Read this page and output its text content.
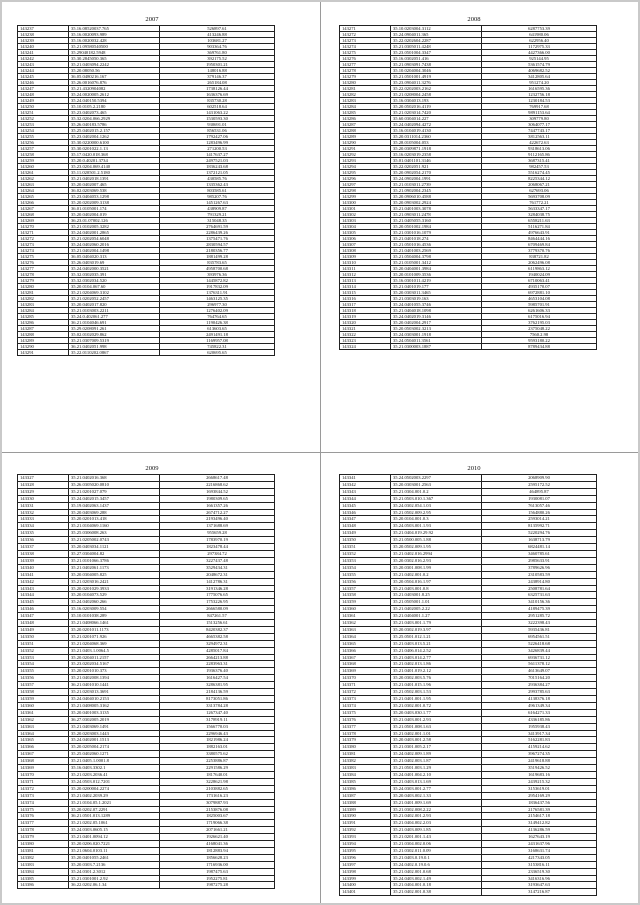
2007
143237	35.16.08520037.765	526897.61
143238	35.16.0020093.989	413246.88
143239	35.16.0020032.428	103681.27
143240	35.21.09580540500	903364.76
143241	35.29040182.5948	369761.80
143242	35.30.2845050.365	392175.52
143243	35.21.0403094.2242	1950301.21
143244	35.20.08050.56	148016.88
143245	36.05.0480216.167	379146.37
143246	35.26.0016076.876	265184.08
143247	35.21.4320904082	1738126.44
143248	35.24.0020005.2612	1636376.69
143249	35.24.040150.5394	835730.28
143250	35.10.0105.2.2180	602518.64
143251	35.23.0402073.465	1431063.22
143252	35.32.0204.066.2929	1530593.30
143253	35.26.040183.5786	930691.01
143254	35.25.0402015.2.157	856531.06
143255	35.23.0402004.1262	1792427.06
143256	35.30.0220000.6100	1283496.99
143257	35.30.0201022.1.13	271200.53
143258	35.17.0420.018.368	1417637.27
143259	35.20.0.40201.3734	2497521.03
143260	35.23.0204.069.4140	1836243.68
143261	35.11.020501.2.5180	1372121.05
143262	35.21.0402018.1391	430585.76
143263	35.20.0402007.465	1335362.43
143264	36.02.0203069.538	803585.61
143265	35.23.0404053.1298	985207.76
143266	35.20.0202009.3138	1451267.63
143267	36.01.0105001.174	438909.87
143268	35.20.0402004.019	791329.21
143269	36.23.01.07002.126	315048.35
143270	35.21.0102005.3282	2764691.59
143271	35.24.0402001.2865	2286439.26
143272	35.21.0202054.6048	1375471.76
143273	35.24.0402060.2016	2830594.57
143274	35.21.0402004.1498	2180356.77
143275	36.05.0404020.313	1881499.28
143276	35.26.0403019.69	835783.65
143277	35.24.0402000.3521	4958700.68
143278	35.32.0302035.391	393976.36
143279	35.32.0302034.520	1445872.82
143280	35.20.0104.067.60	1917832.09
143281	35.21.0204069.3102	1376311.91
143282	35.21.0202052.2457	1463125.35
143283	35.20.0402017.820	296977.30
143284	35.21.0103003.2211	1276402.09
143285	35.24.0.402061.277	764764.65
143286	36.21.0104046.691	1190426.38
143287	35.29.0208091.261	613603.65
143288	35.02.0102029.862	2491491.18
143289	35.21.0307009.5319	1169957.08
143290	36.21.0402051.998	745822.31
143291	35.22.0110202.0867	620695.65
2008
143271	35.10.0203004.3112	6287753.39
143272	35.24.0904011.365	641980.06
143273	35.22.0202604.2287	622956.40
143274	35.21.0305011.4248	1172975.33
143275	35.23.0501004.3347	4427366.00
143276	35.16.0302051.416	925144.95
143277	35.21.0903091.7438	5361574.79
143278	35.10.0204004.3046	4069682.52
143279	35.21.0501001.4919	3412805.64
143280	35.23.0904011.3276	951274.20
143281	35.22.0202003.2162	1616595.36
143282	35.21.0208004.2458	1232756.18
143283	35.16.0304013.193	1230184.53
143284	35.20.0502016.4119	769917.68
143285	35.21.0203014.7420	9891153.64
143286	35.60.0304014.227	309779.80
143287	35.24.0402094.4272	3064077.17
143288	35.16.0104019.4130	7447743.17
143289	35.20.0311014.2360	3812563.11
143290	35.28.0105004.053	422672.63
143291	35.20.0309871.1918	9318613.06
143292	35.16.0203019.2358	9112165.86
143293	35.01.0401101.3146	3687315.41
143294	35.22.0202051.921	982457.53
143295	35.20.0902054.2170	5516274.45
143296	35.24.0902004.1991	8225344.12
143297	35.21.0103011.2739	2068067.21
143298	35.21.0902004.2345	627693.06
143299	35.20.0906010.4588	5693708.09
143300	35.20.0903002.2924	761772.21
143301	35.21.0401003.3078	5633347.17
143302	35.21.0903011.2478	3284038.75
143303	35.21.0405055.3160	6558211.63
143304	35.20.0501002.1984	5116271.84
143305	35.21.0301016.1079	4976643.91
143306	35.21.0401018.274	8464444.16
143307	35.21.0501016.4536	6709469.84
143308	35.21.0401003.2569	3779370.76
143309	35.21.0504004.3798	838721.82
143310	35.21.0105001.3412	2062496.08
143311	35.20.0404001.3984	6119863.12
143312	35.20.0101009.3536	1940024.09
143313	35.16.0301011.4219	6710063.41
143314	35.21.0401019.177	4935170.07
143315	35.20.0303011.3465	6972881.10
143316	35.21.0303019.163	4653104.08
143317	35.24.0401055.3746	5985701.91
143318	35.21.0404018.1098	6261606.33
143319	35.24.0402019.3146	6175016.94
143320	35.20.0402004.2917	3762195.03
143321	35.20.0503002.3213	2375048.22
143322	35.24.0303001.1918	7560.2.98
143323	35.24.0504011.3561	9593180.22
143324	35.21.0300003.1887	8789434.88
2009
143327	35.21.0402016.368	2668617.48
143328	35.26.0305020.0810	2216868.62
143329	35.21.0201027.079	1693844.52
143330	35.24.0402015.3457	1980309.65
143331	35.19.0402063.1437	1661357.26
143332	35.20.0403069.288	2674712.27
143333	35.20.0201013.418	2193496.40
143334	35.21.0104069.1160	1371688.69
143335	35.25.0306008.263	955659.28
143336	35.21.0205002.0743	1783970.19
143337	35.20.0403034.1121	1823478.44
143338	35.27.0304004.82	297384.72
143339	35.21.0101066.3786	3227437.48
143340	35.21.0402061.1173	3529434.31
143341	35.20.0304005.825	2048672.31
143342	35.21.0203016.2421	1412786.31
143343	35.20.0201029.3933	3191346.28
143344	35.20.0104073.529	1775076.65
143345	35.24.0402060.266	1753226.95
143346	35.16.0203009.554	2666580.09
143347	35.10.0101038.289	847261.57
143348	35.21.0408066.1461	1513256.61
143349	35.20.0201011.1173	8420382.37
143350	35.21.0201071.926	4665382.58
143351	35.21.0204068.369	3294972.31
143352	35.21.0403.1.0064.5	4285017.84
143353	35.20.0204011.2157	2664213.88
143354	35.23.0202034.5167	2283963.31
143355	35.20.0201010.373	1936376.40
143356	35.21.0402008.1394	1616427.54
143357	36.21.0401010.1441	3286381.95
143358	35.21.0203013.3691	2184136.59
143359	35.24.0404010.2153	8173051.86
143360	35.21.0408005.3162	3313784.28
143361	35.20.0401003.3135	1267347.40
143362	36.27.0302005.2019	3178919.11
143363	35.21.0403069.1491	1566770.03
143364	35.20.0203003.1443	2296946.43
143365	35.24.0402001.1513	1821986.24
143366	35.20.0205004.2174	1882163.01
143367	35.25.0402060.1271	3380575.62
143368	35.21.0405.1.0001.8	2253886.87
143369	35.16.0403.3302.1	2291586.29
143370	35.21.0203.2036.41	1817640.01
143371	35.24.0503.012.7201	3228621.98
143372	35.20.0200004.2274	2103882.65
143373	35.21.0402.2039.29	1731616.23
143374	35.21.0104.05.1.2021	3079887.93
143375	35.20.0202.07.2291	2153876.08
143376	36.21.0501.013.1289	1825003.67
143377	35.21.0202.05.1061	1719066.38
143378	35.24.0303.0605.15	2071661.21
143379	35.21.0401.0094.12	1926621.40
143380	35.20.0206.020.7221	4168041.36
143381	35.21.0604.0103.11	1812883.94
143382	35.20.0401055.2461	1856628.23
143383	35.20.0303.7.2136	1716936.00
143384	35.24.0301.2.3012	1987475.63
143385	35.21.0301001.2.92	1952275.81
143386	36.22.0202.06.1.34	1987275.28
2010
143341	35.24.0502003.2297	2068909.90
143342	35.20.0303001.2563	2595172.52
143343	35.21.0304.001.0.2	464895.87
143344	35.21.0503.010.1.367	1930081.07
143345	35.24.0302.054.1.03	7613057.46
143346	35.21.0502.009.2.95	1564880.26
143347	35.20.0104.001.0.3	2593014.21
143348	35.24.0503.001.1.93	8135992.71
143349	35.21.0404.019.29.92	5220294.76
143350	35.21.0500.005.1.88	1638713.79
143351	35.20.0502.009.1.95	6824481.14
143352	35.21.0402.016.2994	3460785.61
143353	35.20.0302.016.2.93	2985633.91
143354	35.20.0301.008.1.99	3789626.96
143355	35.21.0402.001.0.2	2310583.59
143356	35.20.0504.016.1.97	2438914.80
143357	35.21.0403.001.0.8	2508781.64
143358	35.21.0403001.8.25	6325731.63
143359	35.21.0505001.1.01	3410156.36
143360	35.21.0402005.2.22	4189475.39
143361	35.21.0404001.1.27	2951285.72
143362	35.21.0403.001.1.79	3222398.43
143363	35.20.0302.019.3.97	5935436.81
143364	35.25.0501.012.1.21	6954561.51
143365	35.21.0403.013.5.21	5226418.68
143366	35.21.0406.014.2.52	3426839.44
143367	35.21.0403.014.2.77	6936731.12
143368	35.21.0402.013.1.86	5611378.12
143369	35.21.0401.019.2.12	4613649.07
143370	35.20.0302.003.5.76	7015164.20
143371	35.21.0401.015.1.96	2936384.27
143372	35.21.0502.003.1.53	2993785.63
143373	35.21.0401.001.1.95	4138376.18
143374	35.21.0302.001.0.72	4961349.34
143375	35.20.0403.030.1.77	6164271.33
143376	35.21.0403.001.2.93	4336185.86
143377	35.21.0501.008.1.63	1955938.43
143378	35.21.0402.001.1.01	3413917.34
143379	35.20.0403.001.2.58	5162281.83
143380	35.21.0301.005.2.17	4159214.62
143381	35.24.0402.009.1.89	3967274.35
143382	35.21.0402.003.1.87	2419618.88
143383	35.21.0501.003.1.29	3519426.52
143384	35.24.0401.004.2.10	1619683.16
143385	35.21.0403.013.1.69	2439215.32
143386	35.24.0303.001.2.77	3153619.01
143387	35.20.0403.002.1.33	2954169.29
143388	35.21.0401.009.1.69	1836437.56
143389	35.21.0302.008.2.22	2176581.39
143390	35.21.0402.001.2.93	2154617.18
143391	35.21.0404.002.2.03	3149412.82
143392	35.21.0403.009.1.85	4136286.59
143393	35.21.0201.001.1.43	1627643.19
143394	35.21.0304.002.0.06	2431637.96
143395	35.21.0302.011.0.09	3168631.74
143396	35.21.0403.0.19.0.1	4217343.05
143397	35.24.0402.0.19.0.6	3153816.11
143398	35.21.0402.001.0.68	2336519.30
143399	35.24.0403.002.1.49	3416316.96
143400	35.21.0404.001.0.18	3193647.63
143401	35.21.0402.001.0.38	3147216.87
